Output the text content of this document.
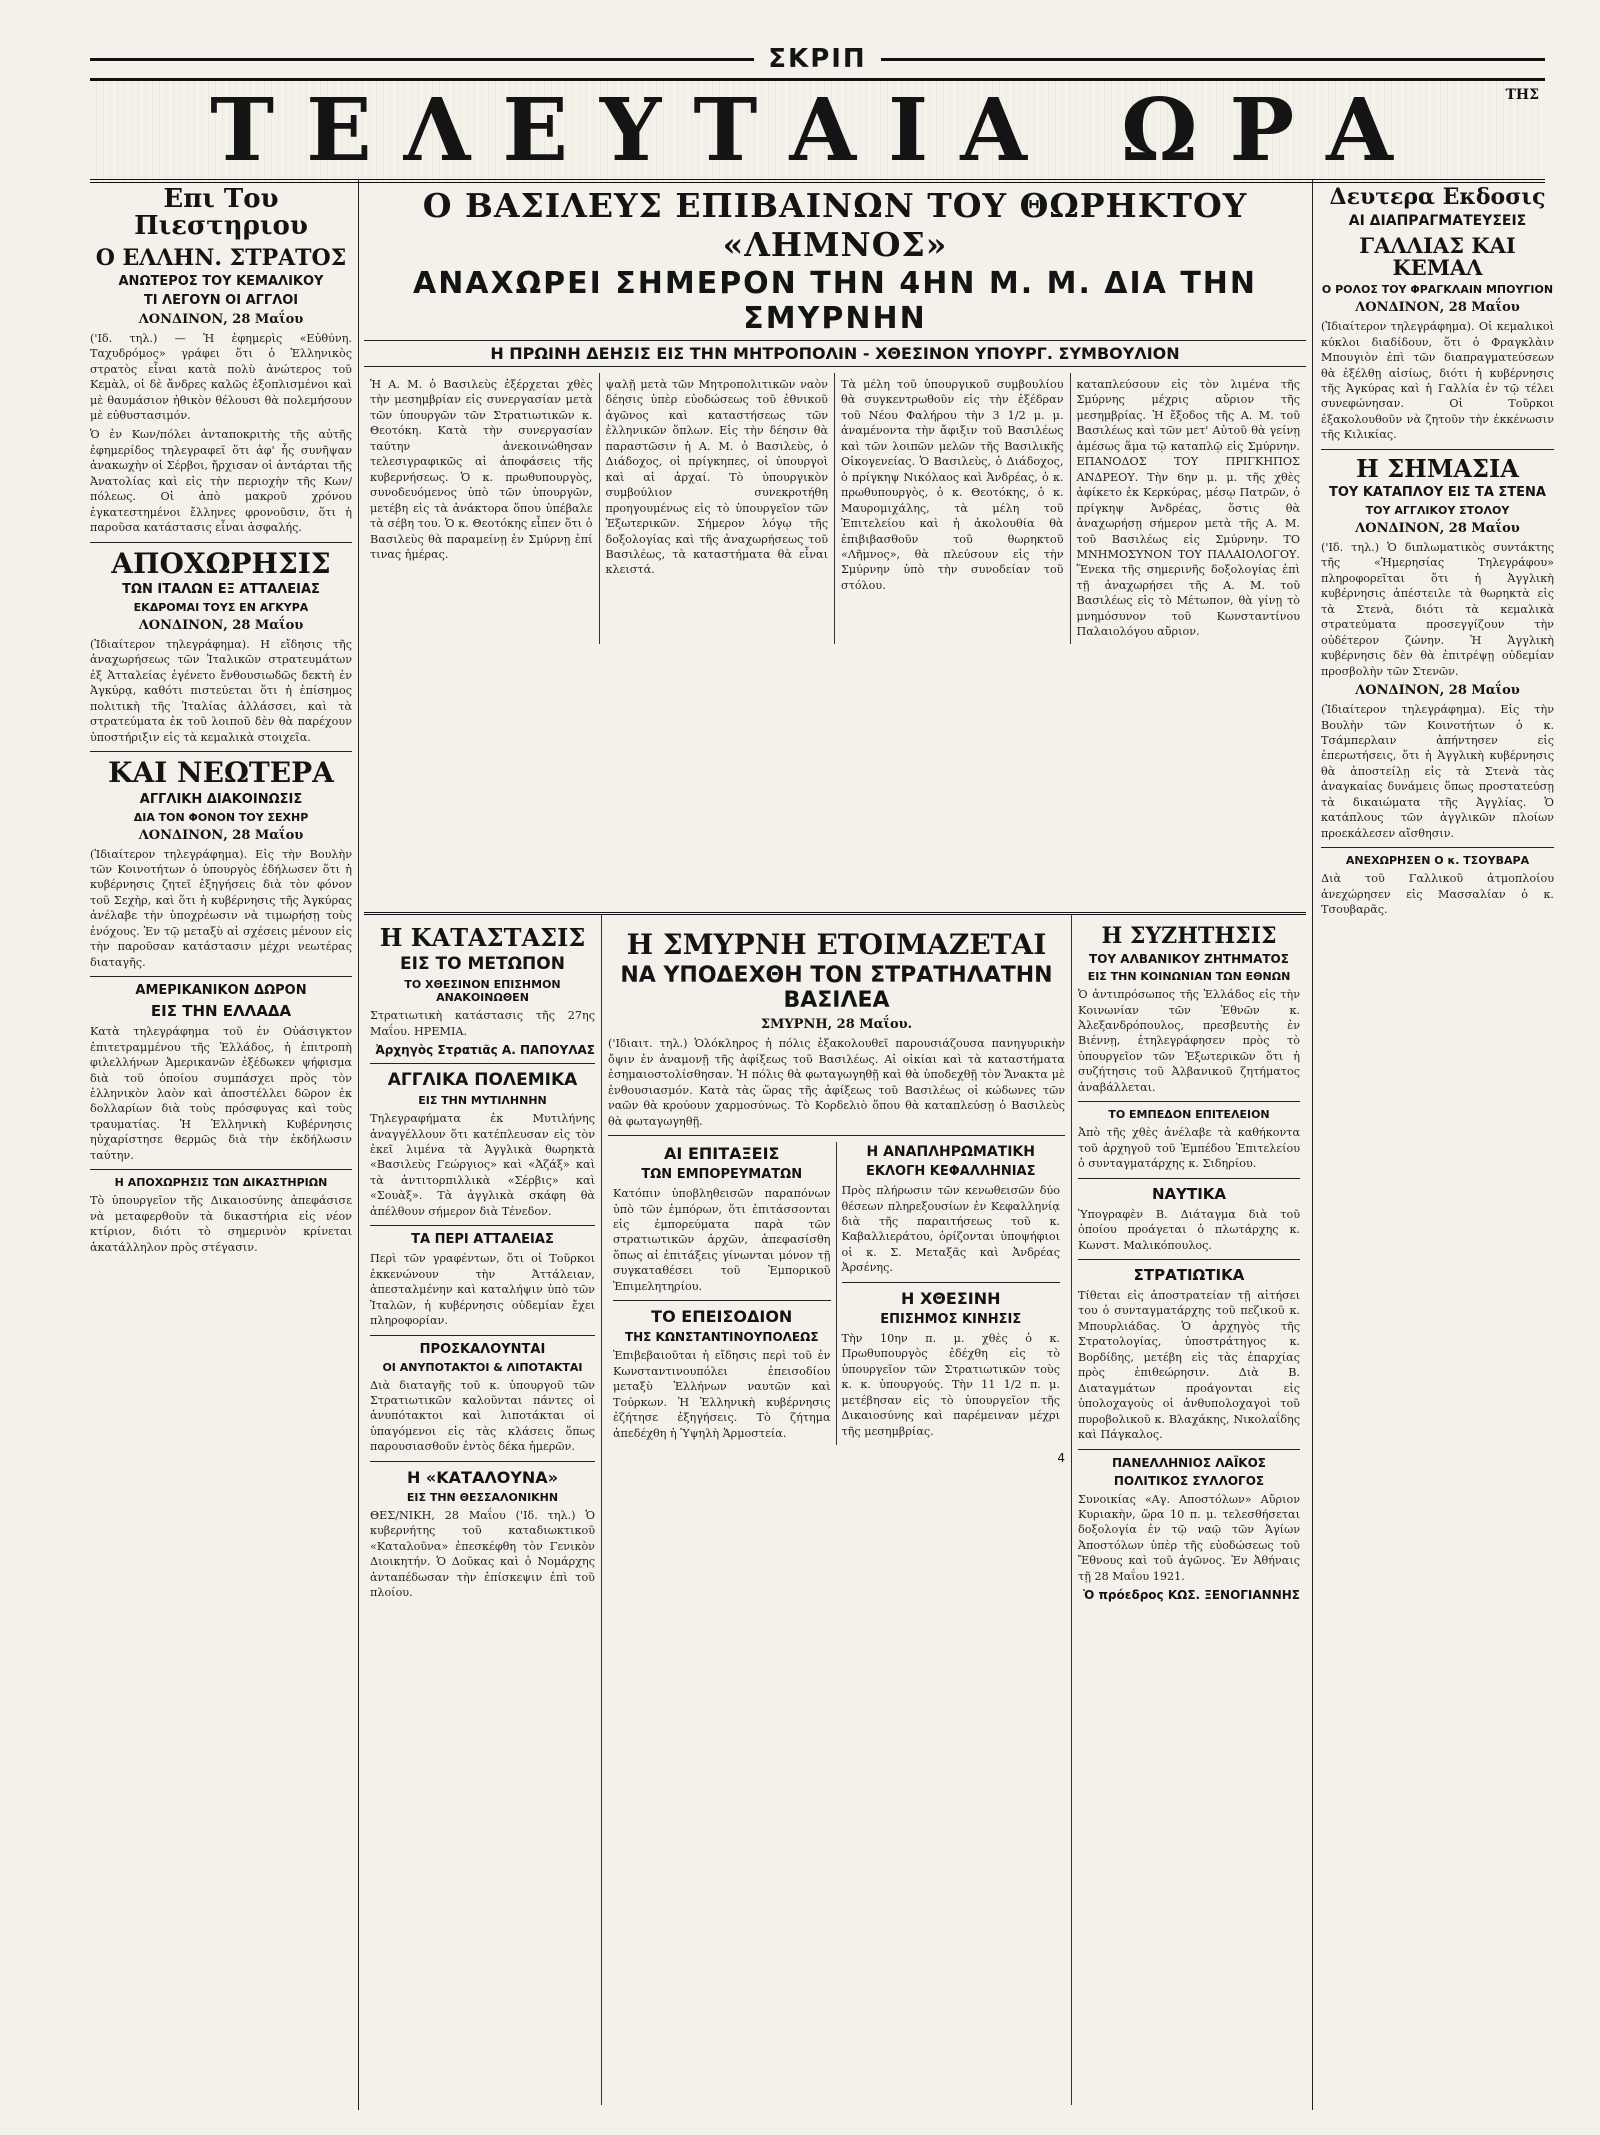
ΣΚΡΙΠ
ΤΕΛΕΥΤΑΙΑ ΩΡΑ	ΤΗΣ
Επι Του Πιεστηριου
Ο ΕΛΛΗΝ. ΣΤΡΑΤΟΣ
ΑΝΩΤΕΡΟΣ ΤΟΥ ΚΕΜΑΛΙΚΟΥ
ΤΙ ΛΕΓΟΥΝ ΟΙ ΑΓΓΛΟΙ
ΛΟΝΔΙΝΟΝ, 28 Μαΐου

('Ιδ. τηλ.) — Ἡ ἐφημερὶς «Εὐθύνη. Ταχυδρόμος» γράφει ὅτι ὁ Ἑλληνικὸς στρατὸς εἶναι κατὰ πολὺ ἀνώτερος τοῦ Κεμὰλ, οἱ δὲ ἄνδρες καλῶς ἐξοπλισμένοι καὶ μὲ θαυμάσιον ἠθικὸν θέλουσι θὰ πολεμήσουν μὲ εὐθυστασιμόν.

Ὁ ἐν Κων/πόλει ἀνταποκριτὴς τῆς αὐτῆς ἐφημερίδος τηλεγραφεῖ ὅτι ἀφ' ἧς συνῆψαν ἀνακωχὴν οἱ Σέρβοι, ἤρχισαν οἱ ἀντάρται τῆς Ἀνατολίας καὶ εἰς τὴν περιοχὴν τῆς Κων/πόλεως. Οἱ ἀπὸ μακροῦ χρόνου ἐγκατεστημένοι ἔλληνες φρονοῦσιν, ὅτι ἡ παροῦσα κατάστασις εἶναι ἀσφαλής.

ΑΠΟΧΩΡΗΣΙΣ
ΤΩΝ ΙΤΑΛΩΝ ΕΞ ΑΤΤΑΛΕΙΑΣ
ΕΚΔΡΟΜΑΙ ΤΟΥΣ ΕΝ ΑΓΚΥΡΑ
ΛΟΝΔΙΝΟΝ, 28 Μαΐου

(Ἰδιαίτερον τηλεγράφημα). Η εἴδησις τῆς ἀναχωρήσεως τῶν Ἰταλικῶν στρατευμάτων ἐξ Ἀτταλείας ἐγένετο ἔνθουσιωδῶς δεκτὴ ἐν Ἀγκύρᾳ, καθότι πιστεύεται ὅτι ἡ ἐπίσημος πολιτικὴ τῆς Ἰταλίας ἀλλάσσει, καὶ τὰ στρατεύματα ἐκ τοῦ λοιποῦ δὲν θὰ παρέχουν ὑποστήριξιν εἰς τὰ κεμαλικὰ στοιχεῖα.

ΚΑΙ ΝΕΩΤΕΡΑ
ΑΓΓΛΙΚΗ ΔΙΑΚΟΙΝΩΣΙΣ
ΔΙΑ ΤΟΝ ΦΟΝΟΝ ΤΟΥ ΣΕΧΗΡ
ΛΟΝΔΙΝΟΝ, 28 Μαΐου

(Ἰδιαίτερον τηλεγράφημα). Εἰς τὴν Βουλὴν τῶν Κοινοτήτων ὁ ὑπουργὸς ἐδήλωσεν ὅτι ἡ κυβέρνησις ζητεῖ ἐξηγήσεις διὰ τὸν φόνον τοῦ Σεχὴρ, καὶ ὅτι ἡ κυβέρνησις τῆς Ἀγκύρας ἀνέλαβε τὴν ὑποχρέωσιν νὰ τιμωρήσῃ τοὺς ἐνόχους. Ἐν τῷ μεταξὺ αἱ σχέσεις μένουν εἰς τὴν παροῦσαν κατάστασιν μέχρι νεωτέρας διαταγῆς.

ΑΜΕΡΙΚΑΝΙΚΟΝ ΔΩΡΟΝ
ΕΙΣ ΤΗΝ ΕΛΛΑΔΑ

Κατὰ τηλεγράφημα τοῦ ἐν Οὐάσιγκτον ἐπιτετραμμένου τῆς Ἑλλάδος, ἡ ἐπιτροπὴ φιλελλήνων Ἀμερικανῶν ἐξέδωκεν ψήφισμα διὰ τοῦ ὁποίου συμπάσχει πρὸς τὸν ἑλληνικὸν λαὸν καὶ ἀποστέλλει δῶρον ἐκ δολλαρίων διὰ τοὺς πρόσφυγας καὶ τοὺς τραυματίας. Ἡ Ἑλληνικὴ Κυβέρνησις ηὐχαρίστησε θερμῶς διὰ τὴν ἐκδήλωσιν ταύτην.

Η ΑΠΟΧΩΡΗΣΙΣ ΤΩΝ ΔΙΚΑΣΤΗΡΙΩΝ

Τὸ ὑπουργεῖον τῆς Δικαιοσύνης ἀπεφάσισε νὰ μεταφερθοῦν τὰ δικαστήρια εἰς νέον κτίριον, διότι τὸ σημερινὸν κρίνεται ἀκατάλληλον πρὸς στέγασιν.

Ο ΒΑΣΙΛΕΥΣ ΕΠΙΒΑΙΝΩΝ ΤΟΥ ΘΩΡΗΚΤΟΥ «ΛΗΜΝΟΣ»
ΑΝΑΧΩΡΕΙ ΣΗΜΕΡΟΝ ΤΗΝ 4ΗΝ Μ. Μ. ΔΙΑ ΤΗΝ ΣΜΥΡΝΗΝ
Η ΠΡΩΙΝΗ ΔΕΗΣΙΣ ΕΙΣ ΤΗΝ ΜΗΤΡΟΠΟΛΙΝ - ΧΘΕΣΙΝΟΝ ΥΠΟΥΡΓ. ΣΥΜΒΟΥΛΙΟΝ

Ἡ Α. Μ. ὁ Βασιλεὺς ἐξέρχεται χθὲς τὴν μεσημβρίαν εἰς συνεργασίαν μετὰ τῶν ὑπουργῶν τῶν Στρατιωτικῶν κ. Θεοτόκη. Κατὰ τὴν συνεργασίαν ταύτην ἀνεκοινώθησαν τελεσιγραφικῶς αἱ ἀποφάσεις τῆς κυβερνήσεως. Ὁ κ. πρωθυπουργὸς, συνοδευόμενος ὑπὸ τῶν ὑπουργῶν, μετέβη εἰς τὰ ἀνάκτορα ὅπου ὑπέβαλε τὰ σέβη του. Ὁ κ. Θεοτόκης εἶπεν ὅτι ὁ Βασιλεὺς θὰ παραμείνῃ ἐν Σμύρνῃ ἐπί τινας ἡμέρας.

ψαλῇ μετὰ τῶν Μητροπολιτικῶν ναὸν δέησις ὑπὲρ εὐοδώσεως τοῦ ἐθνικοῦ ἀγῶνος καὶ καταστήσεως τῶν ἑλληνικῶν ὅπλων. Εἰς τὴν δέησιν θὰ παραστῶσιν ἡ Α. Μ. ὁ Βασιλεὺς, ὁ Διάδοχος, οἱ πρίγκηπες, οἱ ὑπουργοὶ καὶ αἱ ἀρχαί. Τὸ ὑπουργικὸν συμβούλιον συνεκροτήθη προηγουμένως εἰς τὸ ὑπουργεῖον τῶν Ἐξωτερικῶν. Σήμερον λόγῳ τῆς δοξολογίας καὶ τῆς ἀναχωρήσεως τοῦ Βασιλέως, τὰ καταστήματα θὰ εἶναι κλειστά.

Τὰ μέλη τοῦ ὑπουργικοῦ συμβουλίου θὰ συγκεντρωθοῦν εἰς τὴν ἐξέδραν τοῦ Νέου Φαλήρου τὴν 3 1/2 μ. μ. ἀναμένοντα τὴν ἄφιξιν τοῦ Βασιλέως καὶ τῶν λοιπῶν μελῶν τῆς Βασιλικῆς Οἰκογενείας. Ὁ Βασιλεὺς, ὁ Διάδοχος, ὁ πρίγκηψ Νικόλαος καὶ Ἀνδρέας, ὁ κ. πρωθυπουργὸς, ὁ κ. Θεοτόκης, ὁ κ. Μαυρομιχάλης, τὰ μέλη τοῦ Ἐπιτελείου καὶ ἡ ἀκολουθία θὰ ἐπιβιβασθοῦν τοῦ θωρηκτοῦ «Λῆμνος», θὰ πλεύσουν εἰς τὴν Σμύρνην ὑπὸ τὴν συνοδείαν τοῦ στόλου.

καταπλεύσουν εἰς τὸν λιμένα τῆς Σμύρνης μέχρις αὔριον τῆς μεσημβρίας. Ἡ ἔξοδος τῆς Α. Μ. τοῦ Βασιλέως καὶ τῶν μετ' Αὐτοῦ θὰ γείνῃ ἀμέσως ἅμα τῷ καταπλῷ εἰς Σμύρνην. ΕΠΑΝΟΔΟΣ ΤΟΥ ΠΡΙΓΚΗΠΟΣ ΑΝΔΡΕΟΥ. Τὴν 6ην μ. μ. τῆς χθὲς ἀφίκετο ἐκ Κερκύρας, μέσῳ Πατρῶν, ὁ πρίγκηψ Ἀνδρέας, ὅστις θὰ ἀναχωρήσῃ σήμερον μετὰ τῆς Α. Μ. τοῦ Βασιλέως εἰς Σμύρνην. ΤΟ ΜΝΗΜΟΣΥΝΟΝ ΤΟΥ ΠΑΛΑΙΟΛΟΓΟΥ. Ἕνεκα τῆς σημερινῆς δοξολογίας ἐπὶ τῇ ἀναχωρήσει τῆς Α. Μ. τοῦ Βασιλέως εἰς τὸ Μέτωπον, θὰ γίνῃ τὸ μνημόσυνον τοῦ Κωνσταντίνου Παλαιολόγου αὔριον.

Η ΚΑΤΑΣΤΑΣΙΣ
ΕΙΣ ΤΟ ΜΕΤΩΠΟΝ
ΤΟ ΧΘΕΣΙΝΟΝ ΕΠΙΣΗΜΟΝ ΑΝΑΚΟΙΝΩΘΕΝ

Στρατιωτικὴ κατάστασις τῆς 27ης Μαΐου. ΗΡΕΜΙΑ.

Ἀρχηγὸς Στρατιᾶς Α. ΠΑΠΟΥΛΑΣ
ΑΓΓΛΙΚΑ ΠΟΛΕΜΙΚΑ
ΕΙΣ ΤΗΝ ΜΥΤΙΛΗΝΗΝ

Τηλεγραφήματα ἐκ Μυτιλήνης ἀναγγέλλουν ὅτι κατέπλευσαν εἰς τὸν ἐκεῖ λιμένα τὰ Ἀγγλικὰ θωρηκτὰ «Βασιλεὺς Γεώργιος» καὶ «Ἀζάξ» καὶ τὰ ἀντιτορπιλλικὰ «Σέρβις» καὶ «Σουὰξ». Τὰ ἀγγλικὰ σκάφη θὰ ἀπέλθουν σήμερον διὰ Τένεδον.

ΤΑ ΠΕΡΙ ΑΤΤΑΛΕΙΑΣ

Περὶ τῶν γραφέντων, ὅτι οἱ Τοῦρκοι ἐκκενώνουν τὴν Ἀττάλειαν, ἀπεσταλμένην καὶ καταλήψιν ὑπὸ τῶν Ἰταλῶν, ἡ κυβέρνησις οὐδεμίαν ἔχει πληροφορίαν.

ΠΡΟΣΚΑΛΟΥΝΤΑΙ
ΟΙ ΑΝΥΠΟΤΑΚΤΟΙ & ΛΙΠΟΤΑΚΤΑΙ

Διὰ διαταγῆς τοῦ κ. ὑπουργοῦ τῶν Στρατιωτικῶν καλοῦνται πάντες οἱ ἀνυπότακτοι καὶ λιποτάκται οἱ ὑπαγόμενοι εἰς τὰς κλάσεις ὅπως παρουσιασθοῦν ἐντὸς δέκα ἡμερῶν.

Η «ΚΑΤΑΛΟΥΝΑ»
ΕΙΣ ΤΗΝ ΘΕΣΣΑΛΟΝΙΚΗΝ

ΘΕΣ/ΝΙΚΗ, 28 Μαΐου ('Ιδ. τηλ.) Ὁ κυβερνήτης τοῦ καταδιωκτικοῦ «Καταλοῦνα» ἐπεσκέφθη τὸν Γενικὸν Διοικητήν. Ὁ Δοῦκας καὶ ὁ Νομάρχης ἀνταπέδωσαν τὴν ἐπίσκεψιν ἐπὶ τοῦ πλοίου.

Η ΣΜΥΡΝΗ ΕΤΟΙΜΑΖΕΤΑΙ
ΝΑ ΥΠΟΔΕΧΘΗ ΤΟΝ ΣΤΡΑΤΗΛΑΤΗΝ ΒΑΣΙΛΕΑ
ΣΜΥΡΝΗ, 28 Μαΐου.

('Ιδιαιτ. τηλ.) Ὁλόκληρος ἡ πόλις ἑξακολουθεῖ παρουσιάζουσα πανηγυρικὴν ὄψιν ἐν ἀναμονῇ τῆς ἀφίξεως τοῦ Βασιλέως. Αἱ οἰκίαι καὶ τὰ καταστήματα ἐσημαιοστολίσθησαν. Ἡ πόλις θὰ φωταγωγηθῇ καὶ θὰ ὑποδεχθῇ τὸν Ἄνακτα μὲ ἐνθουσιασμόν. Κατὰ τὰς ὥρας τῆς ἀφίξεως τοῦ Βασιλέως οἱ κώδωνες τῶν ναῶν θὰ κρούουν χαρμοσύνως. Τὸ Κορδελιὸ ὅπου θὰ καταπλεύσῃ ὁ Βασιλεὺς θὰ φωταγωγηθῇ.

ΑΙ ΕΠΙΤΑΞΕΙΣ
ΤΩΝ ΕΜΠΟΡΕΥΜΑΤΩΝ

Κατόπιν ὑποβληθεισῶν παραπόνων ὑπὸ τῶν ἐμπόρων, ὅτι ἐπιτάσσονται εἰς ἐμπορεύματα παρὰ τῶν στρατιωτικῶν ἀρχῶν, ἀπεφασίσθη ὅπως αἱ ἐπιτάξεις γίνωνται μόνον τῇ συγκαταθέσει τοῦ Ἐμπορικοῦ Ἐπιμελητηρίου.

ΤΟ ΕΠΕΙΣΟΔΙΟΝ
ΤΗΣ ΚΩΝΣΤΑΝΤΙΝΟΥΠΟΛΕΩΣ

Ἐπιβεβαιοῦται ἡ εἴδησις περὶ τοῦ ἐν Κωνσταντινουπόλει ἐπεισοδίου μεταξὺ Ἑλλήνων ναυτῶν καὶ Τούρκων. Ἡ Ἑλληνικὴ κυβέρνησις ἐζήτησε ἐξηγήσεις. Τὸ ζήτημα ἀπεδέχθη ἡ Ὑψηλὴ Ἁρμοστεία.

Η ΑΝΑΠΛΗΡΩΜΑΤΙΚΗ
ΕΚΛΟΓΗ ΚΕΦΑΛΛΗΝΙΑΣ

Πρὸς πλήρωσιν τῶν κενωθεισῶν δύο θέσεων πληρεξουσίων ἐν Κεφαλληνίᾳ διὰ τῆς παραιτήσεως τοῦ κ. Καβαλλιεράτου, ὁρίζονται ὑποψήφιοι οἱ κ. Σ. Μεταξᾶς καὶ Ἀνδρέας Ἀρσένης.

Η ΧΘΕΣΙΝΗ
ΕΠΙΣΗΜΟΣ ΚΙΝΗΣΙΣ

Τὴν 10ην π. μ. χθὲς ὁ κ. Πρωθυπουργὸς ἐδέχθη εἰς τὸ ὑπουργεῖον τῶν Στρατιωτικῶν τοὺς κ. κ. ὑπουργούς. Τὴν 11 1/2 π. μ. μετέβησαν εἰς τὸ ὑπουργεῖον τῆς Δικαιοσύνης καὶ παρέμειναν μέχρι τῆς μεσημβρίας.

4
Η ΣΥΖΗΤΗΣΙΣ
ΤΟΥ ΑΛΒΑΝΙΚΟΥ ΖΗΤΗΜΑΤΟΣ
ΕΙΣ ΤΗΝ ΚΟΙΝΩΝΙΑΝ ΤΩΝ ΕΘΝΩΝ

Ὁ ἀντιπρόσωπος τῆς Ἑλλάδος εἰς τὴν Κοινωνίαν τῶν Ἐθνῶν κ. Ἀλεξανδρόπουλος, πρεσβευτὴς ἐν Βιέννῃ, ἐτηλεγράφησεν πρὸς τὸ ὑπουργεῖον τῶν Ἐξωτερικῶν ὅτι ἡ συζήτησις τοῦ Ἀλβανικοῦ ζητήματος ἀναβάλλεται.

ΤΟ ΕΜΠΕΔΟΝ ΕΠΙΤΕΛΕΙΟΝ

Ἀπὸ τῆς χθὲς ἀνέλαβε τὰ καθήκοντα τοῦ ἀρχηγοῦ τοῦ Ἐμπέδου Ἐπιτελείου ὁ συνταγματάρχης κ. Σιδηρίου.

ΝΑΥΤΙΚΑ

Ὑπογραφὲν Β. Διάταγμα διὰ τοῦ ὁποίου προάγεται ὁ πλωτάρχης κ. Κωνστ. Μαλικόπουλος.

ΣΤΡΑΤΙΩΤΙΚΑ

Τίθεται εἰς ἀποστρατείαν τῇ αἰτήσει του ὁ συνταγματάρχης τοῦ πεζικοῦ κ. Μπουρλιάδας. Ὁ ἀρχηγὸς τῆς Στρατολογίας, ὑποστράτηγος κ. Βορδίδης, μετέβη εἰς τὰς ἐπαρχίας πρὸς ἐπιθεώρησιν. Διὰ Β. Διαταγμάτων προάγονται εἰς ὑπολοχαγοὺς οἱ ἀνθυπολοχαγοὶ τοῦ πυροβολικοῦ κ. Βλαχάκης, Νικολαΐδης καὶ Πάγκαλος.

ΠΑΝΕΛΛΗΝΙΟΣ ΛΑΪΚΟΣ
ΠΟΛΙΤΙΚΟΣ ΣΥΛΛΟΓΟΣ

Συνοικίας «Αγ. Αποστόλων» Αὔριον Κυριακὴν, ὥρα 10 π. μ. τελεσθήσεται δοξολογία ἐν τῷ ναῷ τῶν Ἁγίων Ἀποστόλων ὑπὲρ τῆς εὐοδώσεως τοῦ Ἔθνους καὶ τοῦ ἀγῶνος. Ἐν Ἀθήναις τῇ 28 Μαΐου 1921.

Ὁ πρόεδρος ΚΩΣ. ΞΕΝΟΓΙΑΝΝΗΣ
Δευτερα Εκδοσις
ΑΙ ΔΙΑΠΡΑΓΜΑΤΕΥΣΕΙΣ
ΓΑΛΛΙΑΣ ΚΑΙ ΚΕΜΑΛ
Ο ΡΟΛΟΣ ΤΟΥ ΦΡΑΓΚΛΑΙΝ ΜΠΟΥΓΙΟΝ
ΛΟΝΔΙΝΟΝ, 28 Μαΐου

(Ἰδιαίτερον τηλεγράφημα). Οἱ κεμαλικοὶ κύκλοι διαδίδουν, ὅτι ὁ Φραγκλὰιν Μπουγιὸν ἐπὶ τῶν διαπραγματεύσεων θὰ ἐξέλθῃ αἰσίως, διότι ἡ κυβέρνησις τῆς Ἀγκύρας καὶ ἡ Γαλλία ἐν τῷ τέλει συνεφώνησαν. Οἱ Τοῦρκοι ἐξακολουθοῦν νὰ ζητοῦν τὴν ἐκκένωσιν τῆς Κιλικίας.

Η ΣΗΜΑΣΙΑ
ΤΟΥ ΚΑΤΑΠΛΟΥ ΕΙΣ ΤΑ ΣΤΕΝΑ
ΤΟΥ ΑΓΓΛΙΚΟΥ ΣΤΟΛΟΥ
ΛΟΝΔΙΝΟΝ, 28 Μαΐου

('Ιδ. τηλ.) Ὁ διπλωματικὸς συντάκτης τῆς «Ἡμερησίας Τηλεγράφου» πληροφορεῖται ὅτι ἡ Ἀγγλικὴ κυβέρνησις ἀπέστειλε τὰ θωρηκτὰ εἰς τὰ Στενὰ, διότι τὰ κεμαλικὰ στρατεύματα προσεγγίζουν τὴν οὐδέτερον ζώνην. Ἡ Ἀγγλικὴ κυβέρνησις δὲν θὰ ἐπιτρέψῃ οὐδεμίαν προσβολὴν τῶν Στενῶν.

ΛΟΝΔΙΝΟΝ, 28 Μαΐου

(Ἰδιαίτερον τηλεγράφημα). Εἰς τὴν Βουλὴν τῶν Κοινοτήτων ὁ κ. Τσάμπερλαιν ἀπήντησεν εἰς ἐπερωτήσεις, ὅτι ἡ Ἀγγλικὴ κυβέρνησις θὰ ἀποστείλῃ εἰς τὰ Στενὰ τὰς ἀναγκαίας δυνάμεις ὅπως προστατεύσῃ τὰ δικαιώματα τῆς Ἀγγλίας. Ὁ κατάπλους τῶν ἀγγλικῶν πλοίων προεκάλεσεν αἴσθησιν.

ΑΝΕΧΩΡΗΣΕΝ Ο κ. ΤΣΟΥΒΑΡΑ

Διὰ τοῦ Γαλλικοῦ ἀτμοπλοίου ἀνεχώρησεν εἰς Μασσαλίαν ὁ κ. Τσουβαρᾶς.
